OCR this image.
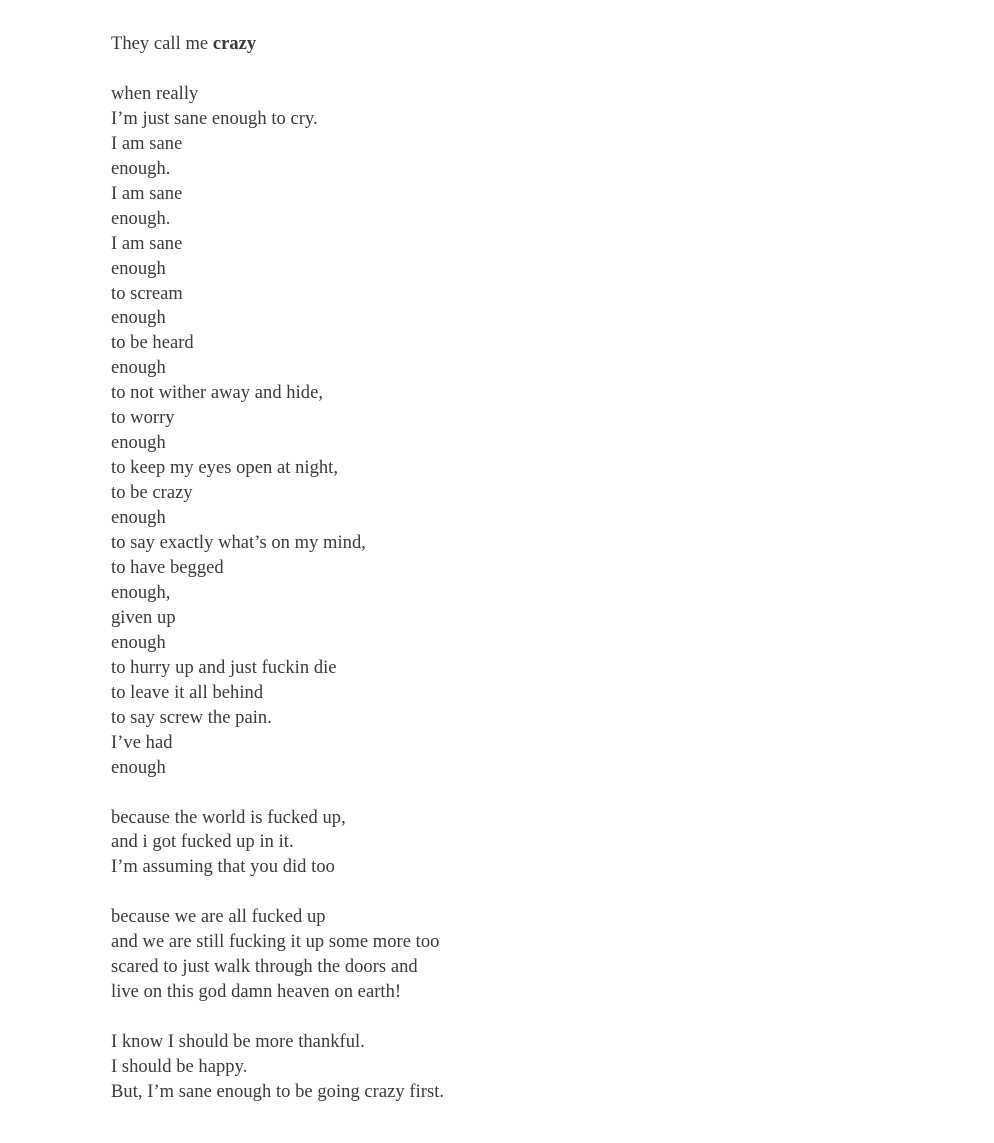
They call me crazy
when really
I’m just sane enough to cry.
I am sane
enough.
I am sane
enough.
I am sane
enough
to scream
enough
to be heard
enough
to not wither away and hide,
to worry
enough
to keep my eyes open at night,
to be crazy
enough
to say exactly what’s on my mind,
to have begged
enough,
given up
enough
to hurry up and just fuckin die
to leave it all behind
to say screw the pain.
I’ve had
enough
because the world is fucked up,
and i got fucked up in it.
I’m assuming that you did too
because we are all fucked up
and we are still fucking it up some more too
scared to just walk through the doors and
live on this god damn heaven on earth!
I know I should be more thankful.
I should be happy.
But, I’m sane enough to be going crazy first.
